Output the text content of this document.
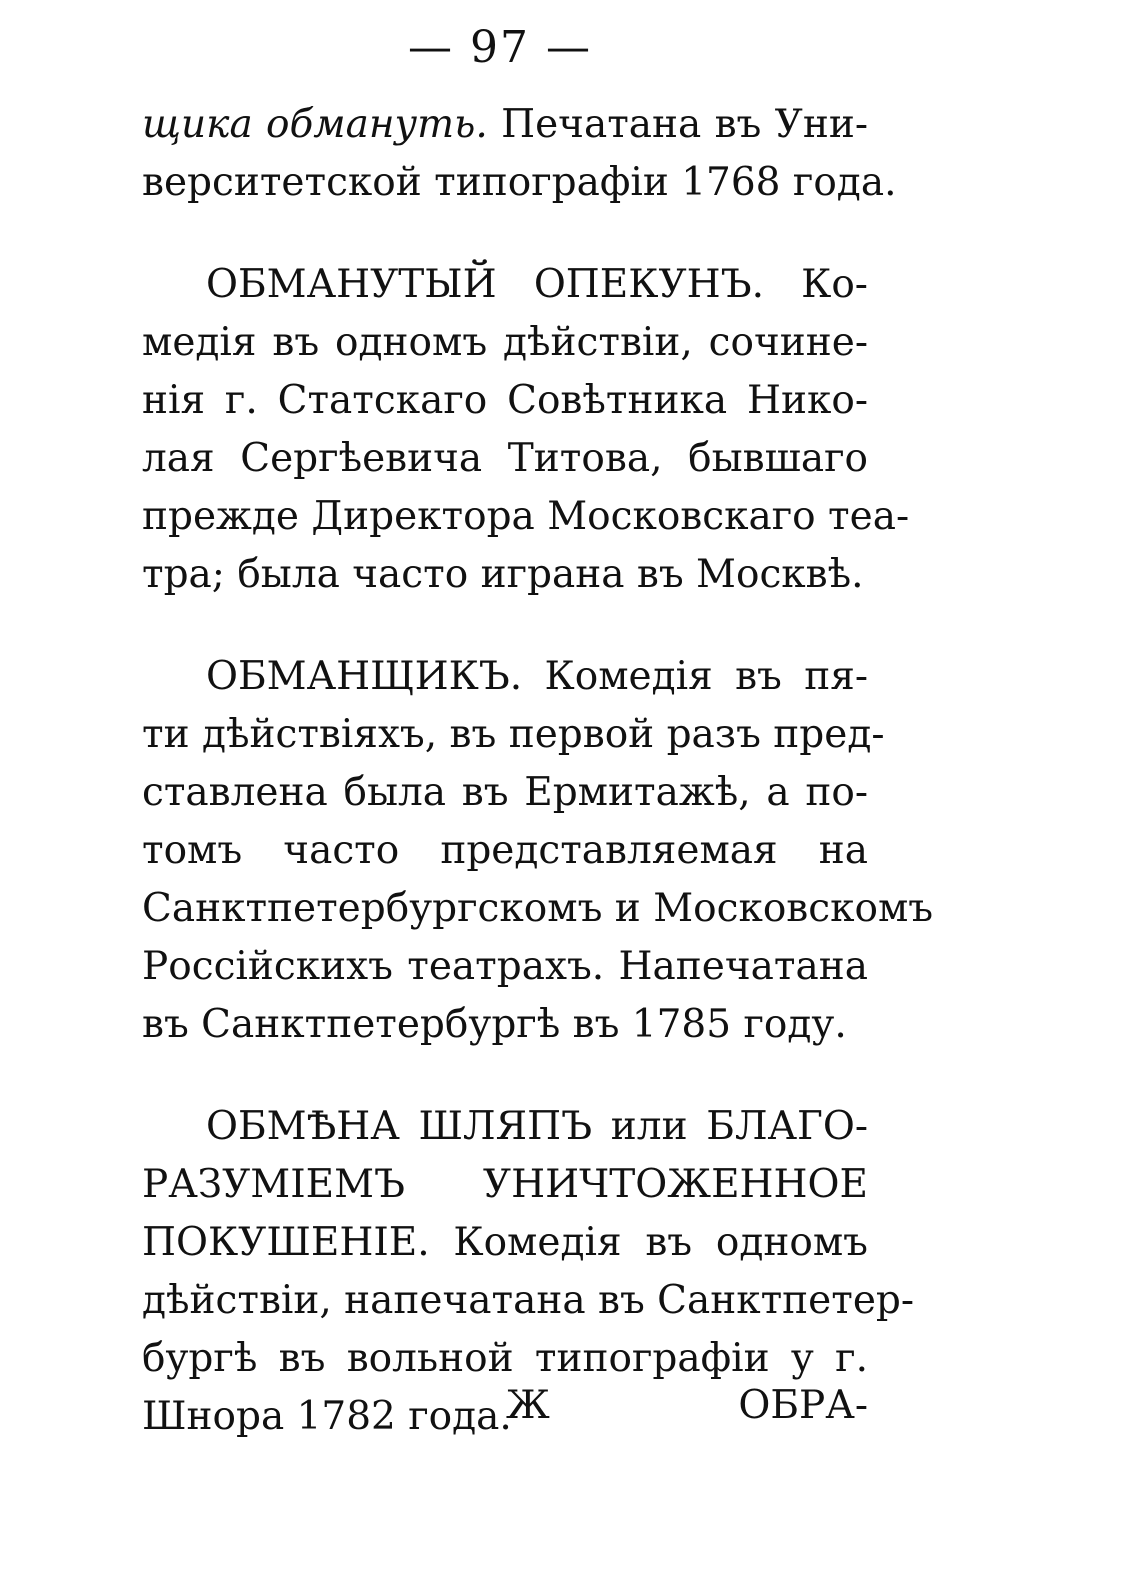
— 97 —
щика обмануть. Печатана въ Уни-
верситетской типографіи 1768 года.
ОБМАНУТЫЙ ОПЕКУНЪ. Ко-
медія въ одномъ дѣйствіи, сочине-
нія г. Статскаго Совѣтника Нико-
лая Сергѣевича Титова, бывшаго
прежде Директора Московскаго теа-
тра; была часто играна въ Москвѣ.
ОБМАНЩИКЪ. Комедія въ пя-
ти дѣйствіяхъ, въ первой разъ пред-
ставлена была въ Ермитажѣ, а по-
томъ часто представляемая на
Санктпетербургскомъ и Московскомъ
Россійскихъ театрахъ. Напечатана
въ Санктпетербургѣ въ 1785 году.
ОБМѢНА ШЛЯПЪ или БЛАГО-
РАЗУМІЕМЪ УНИЧТОЖЕННОЕ
ПОКУШЕНІЕ. Комедія въ одномъ
дѣйствіи, напечатана въ Санктпетер-
бургѣ въ вольной типографіи у г.
Шнора 1782 года.
Ж	ОБРА-
